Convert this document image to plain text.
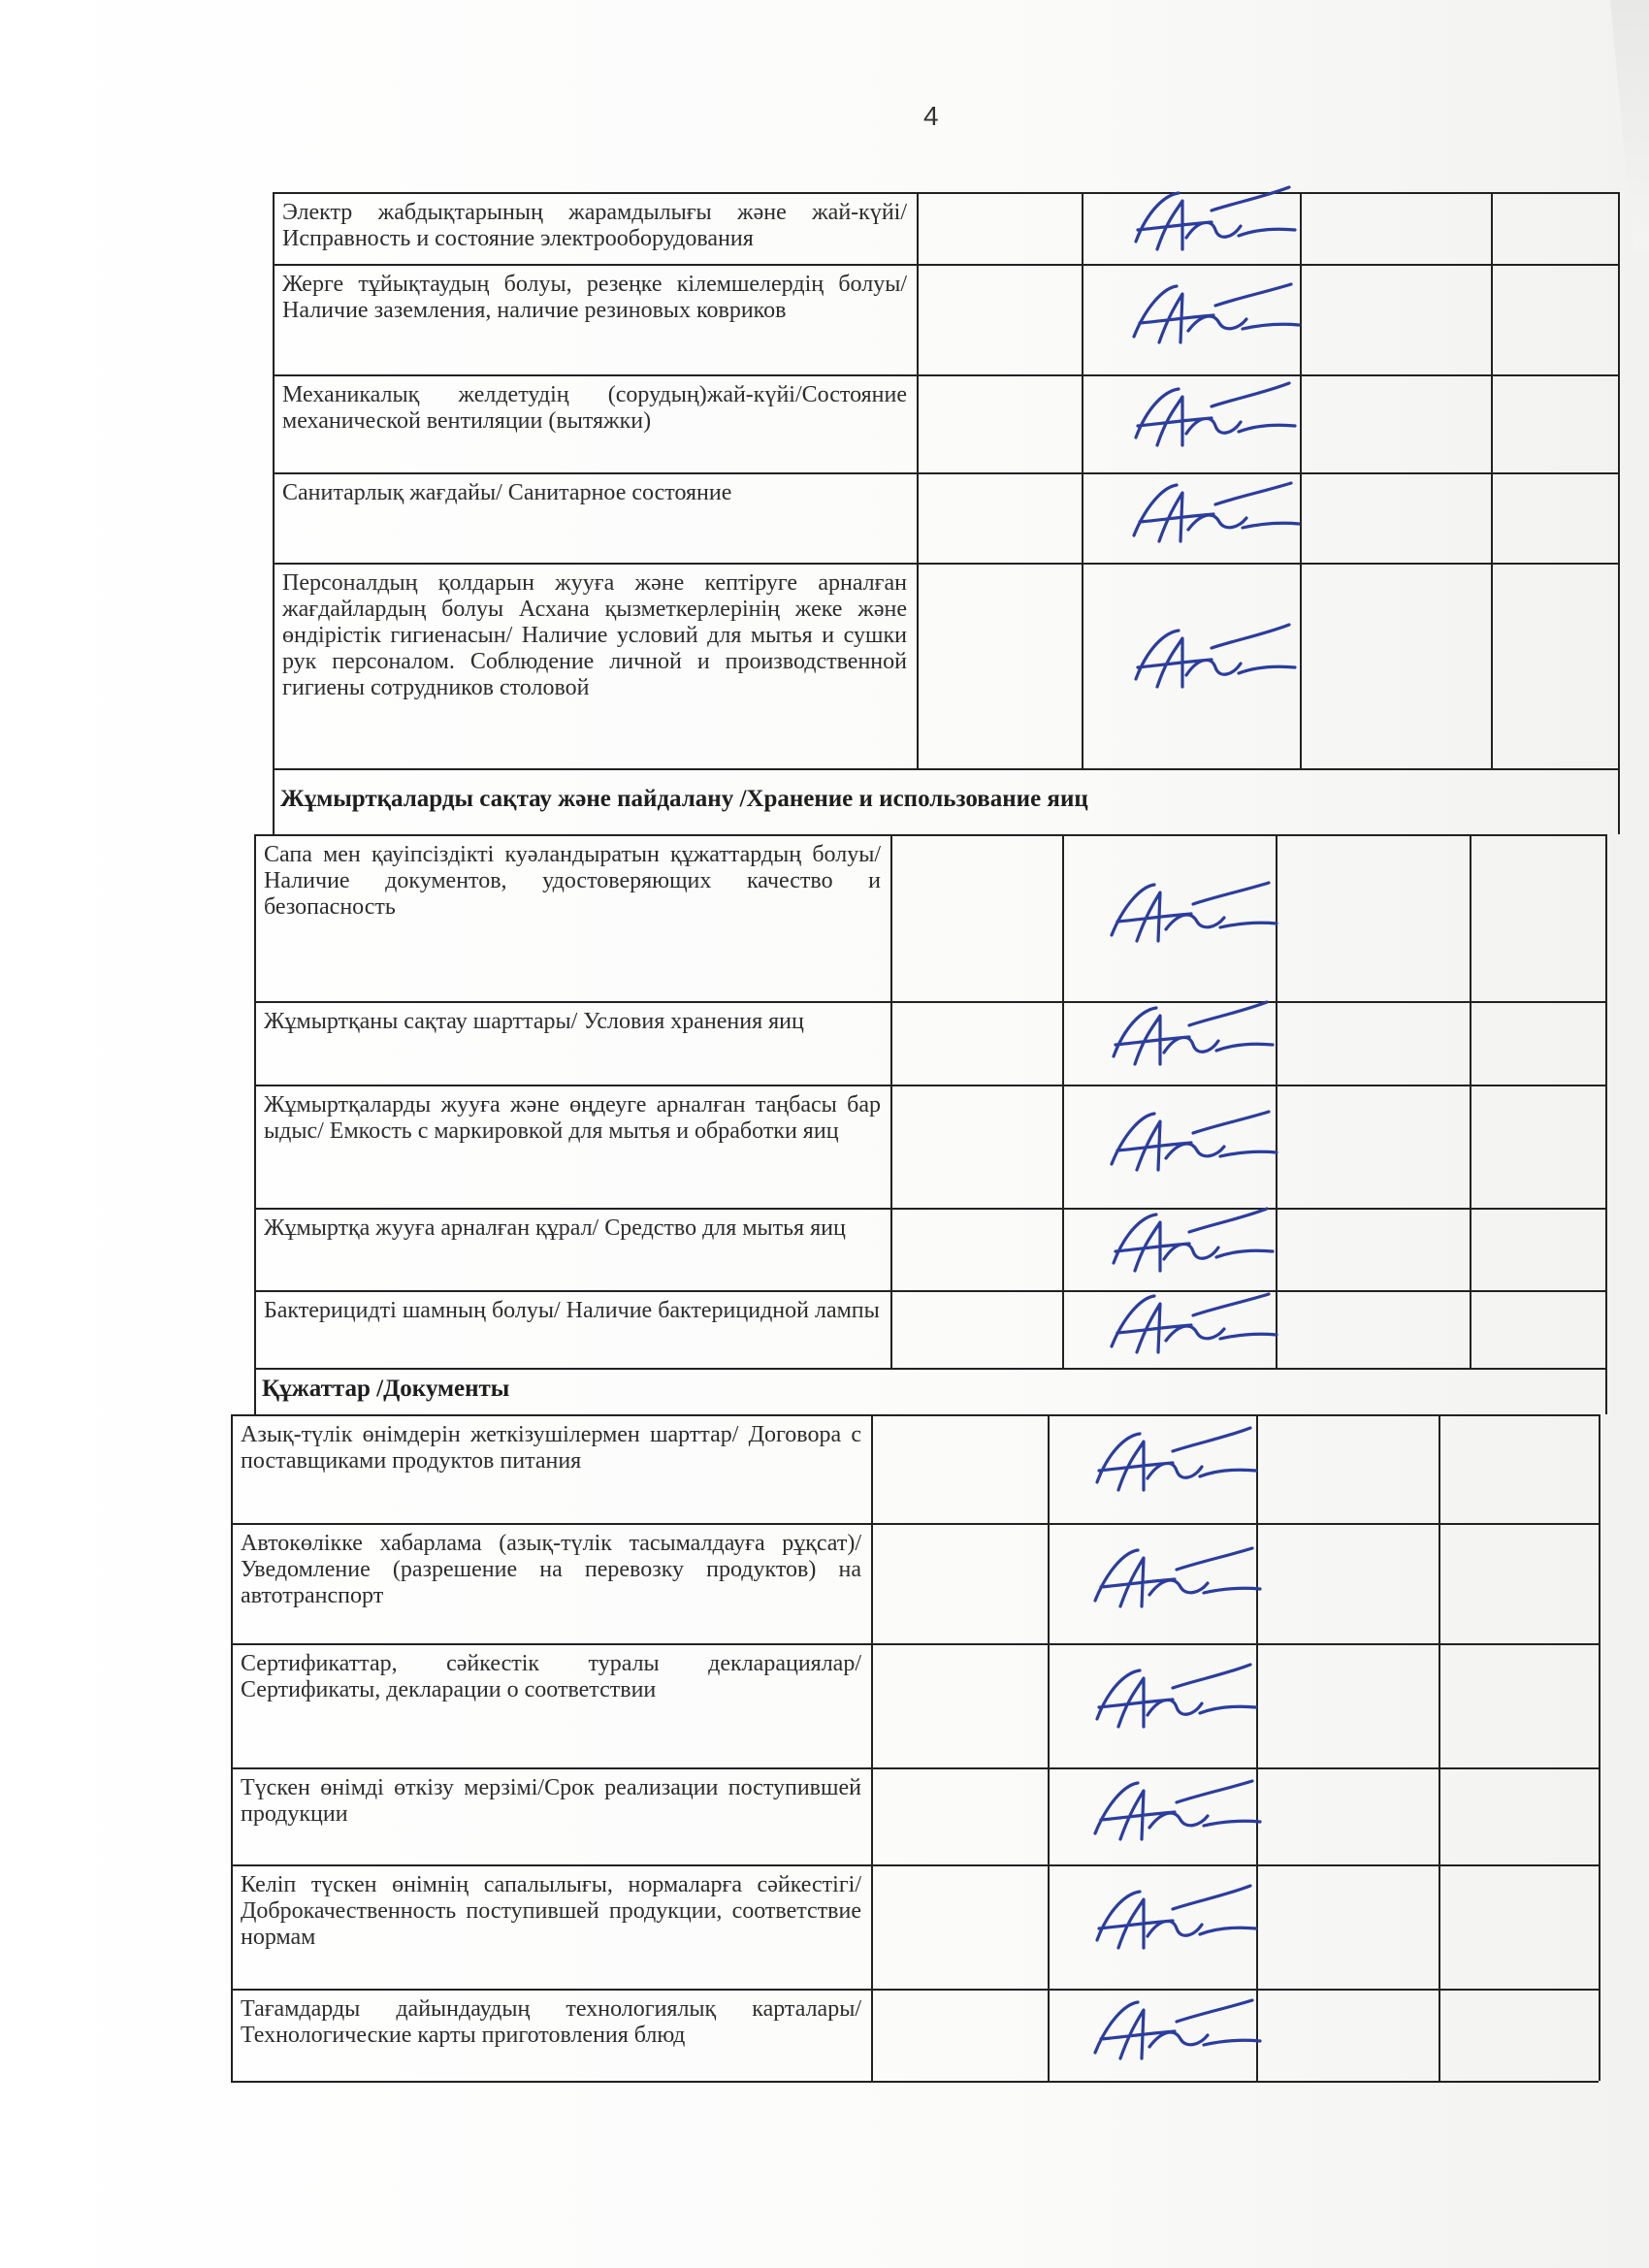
4
Электр жабдықтарының жарамдылығы және жай-күйі/Исправность и состояние электрооборудования
Жерге тұйықтаудың болуы, резеңке кілемшелердің болуы/ Наличие заземления, наличие резиновых ковриков
Механикалық желдетудің (сорудың)жай-күйі/Состояние механической вентиляции (вытяжки)
Санитарлық жағдайы/ Санитарное состояние
Персоналдың қолдарын жууға және кептіруге арналған жағдайлардың болуы Асхана қызметкерлерінің жеке және өндірістік гигиенасын/ Наличие условий для мытья и сушки рук персоналом. Соблюдение личной и производственной гигиены сотрудников столовой
Жұмыртқаларды сақтау және пайдалану /Хранение и использование яиц
Сапа мен қауіпсіздікті куәландыратын құжаттардың болуы/ Наличие документов, удостоверяющих качество и безопасность
Жұмыртқаны сақтау шарттары/ Условия хранения яиц
Жұмыртқаларды жууға және өңдеуге арналған таңбасы бар ыдыс/ Емкость с маркировкой для мытья и обработки яиц
Жұмыртқа жууға арналған құрал/ Средство для мытья яиц
Бактерицидті шамның болуы/ Наличие бактерицидной лампы
Құжаттар /Документы
Азық-түлік өнімдерін жеткізушілермен шарттар/ Договора с поставщиками продуктов питания
Автокөлікке хабарлама (азық-түлік тасымалдауға рұқсат)/ Уведомление (разрешение на перевозку продуктов) на автотранспорт
Сертификаттар, сәйкестік туралы декларациялар/Сертификаты, декларации о соответствии
Түскен өнімді өткізу мерзімі/Срок реализации поступившей продукции
Келіп түскен өнімнің сапалылығы, нормаларға сәйкестігі/ Доброкачественность поступившей продукции, соответствие нормам
Тағамдарды дайындаудың технологиялық карталары/ Технологические карты приготовления блюд
